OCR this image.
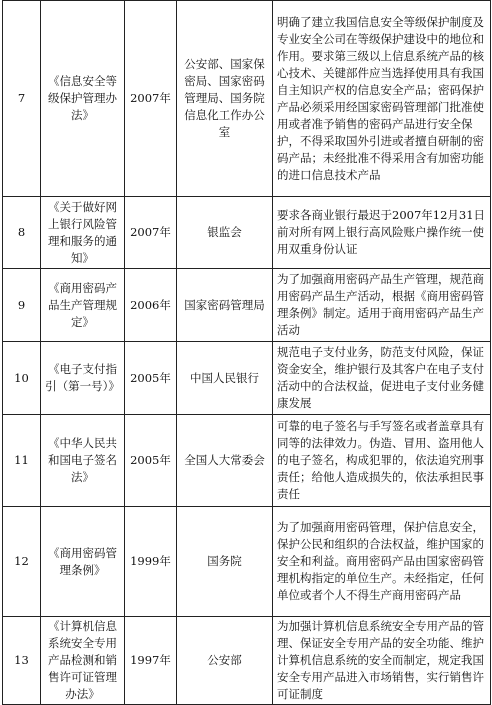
7	《信息安全等级保护管理办法》	2007年	公安部、国家保密局、国家密码管理局、国务院信息化工作办公室	明确了建立我国信息安全等级保护制度及专业安全公司在等级保护建设中的地位和作用。要求第三级以上信息系统产品的核心技术、关键部件应当选择使用具有我国自主知识产权的信息安全产品；密码保护产品必须采用经国家密码管理部门批准使用或者准予销售的密码产品进行安全保护，不得采取国外引进或者擅自研制的密码产品；未经批准不得采用含有加密功能的进口信息技术产品
8	《关于做好网上银行风险管理和服务的通知》	2007年	银监会	要求各商业银行最迟于2007年12月31日前对所有网上银行高风险账户操作统一使用双重身份认证
9	《商用密码产品生产管理规定》	2006年	国家密码管理局	为了加强商用密码产品生产管理，规范商用密码产品生产活动，根据《商用密码管理条例》制定。适用于商用密码产品生产活动
10	《电子支付指引（第一号）》	2005年	中国人民银行	规范电子支付业务，防范支付风险，保证资金安全，维护银行及其客户在电子支付活动中的合法权益，促进电子支付业务健康发展
11	《中华人民共和国电子签名法》	2005年	全国人大常委会	可靠的电子签名与手写签名或者盖章具有同等的法律效力。伪造、冒用、盗用他人的电子签名，构成犯罪的，依法追究刑事责任；给他人造成损失的，依法承担民事责任
12	《商用密码管理条例》	1999年	国务院	为了加强商用密码管理，保护信息安全，保护公民和组织的合法权益，维护国家的安全和利益。商用密码产品由国家密码管理机构指定的单位生产。未经指定，任何单位或者个人不得生产商用密码产品
13	《计算机信息系统安全专用产品检测和销售许可证管理办法》	1997年	公安部	为加强计算机信息系统安全专用产品的管理、保证安全专用产品的安全功能、维护计算机信息系统的安全而制定，规定我国安全专用产品进入市场销售，实行销售许可证制度
